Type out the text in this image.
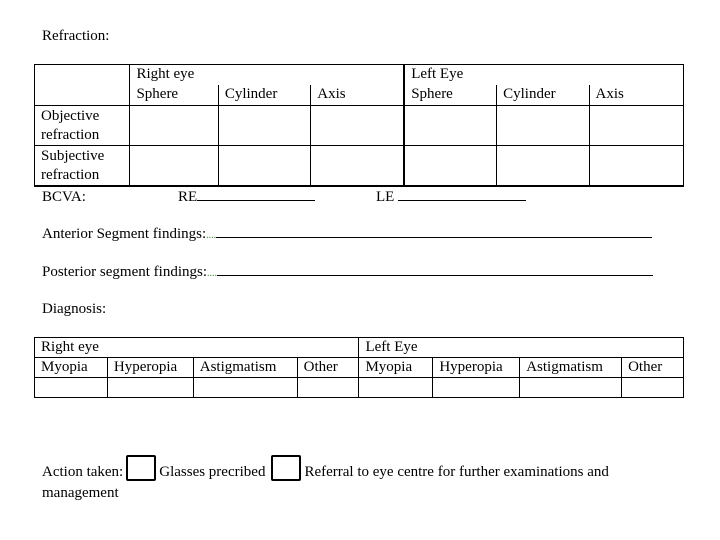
Refraction:
	Right eye			Left Eye		
	Sphere	Cylinder	Axis	Sphere	Cylinder	Axis
Objective
refraction						
Subjective
refraction						
BCVA:	RE	LE
Anterior Segment findings:....
Posterior segment findings:....
Diagnosis:
Right eye				Left Eye			
Myopia	Hyperopia	Astigmatism	Other	Myopia	Hyperopia	Astigmatism	Other

Action taken: Glasses precribed	Referral to eye centre for further examinations and
management
